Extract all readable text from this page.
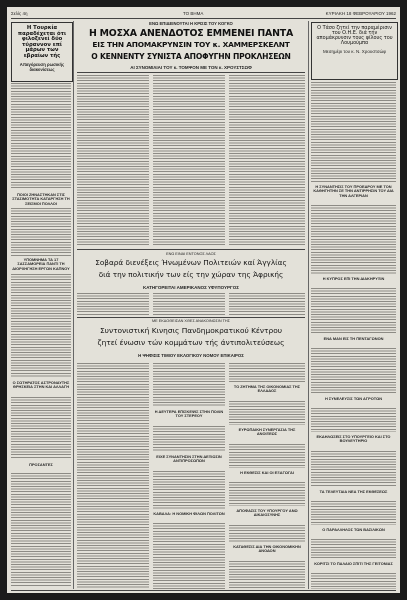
Σελίς 4η	ΤΟ ΒΗΜΑ	ΚΥΡΙΑΚΗ 18 ΦΕΒΡΟΥΑΡΙΟΥ 1962
Η Τουρκία παραδέχεται ότι φιλοξενεί δύο τύραννον επί μάρων των εβραίων τής
Απαγόρευση ρωσικής διακονίσεως
ΠΟΙΟΙ ΖΗΝΑΣΤΗΚΑΝ ΣΤΙΣ ΣΤΑΣΙΜΟΤΗΤΑ ΚΑΤΑΡΓΗΣΗ ΤΗ ΣΕΙΣΜΟΙ ΠΟΛΛΟΙ
ΥΠΟΜΝΗΜΑ ΤΑ 17 ΣΑΣΣΑΜΟΡΕΙΑ ΠΑΝΤΙ ΤΗ ΔΙΟΡΧΗΓΗΣΗ ΕΡΓΩΝ ΚΑΠΝΟΥ
Ο ΣΩΤΗΡΑΤΟΣ ΑΣΤΡΟΝΑΥΤΗΣ ΘΡΗΣΚΕΙΑ ΣΤΗΝ ΚΑΙ ΑΛΛΑΓΗ
ΠΡΟΣΑΝΤΕΣ
ΕΝΩ ΕΠΙΔΕΙΝΟΥΤΑΙ Η ΚΡΙΣΙΣ ΤΟΥ ΚΟΓΚΟ
Η ΜΟΣΧΑ ΑΝΕΝΔΟΤΟΣ ΕΜΜΕΝΕΙ ΠΑΝΤΑ
ΕΙΣ ΤΗΝ ΑΠΟΜΑΚΡΥΝΣΙΝ ΤΟΥ κ. ΧΑΜΜΕΡΣΚΕΛΝΤ
Ο ΚΕΝΝΕΝΤΥ ΣΥΝΙΣΤΑ ΑΠΟΦΥΓΗΝ ΠΡΟΚΛΗΣΕΩΝ
ΑΙ ΣΥΝΟΜΙΛΙΑΙ ΤΟΥ κ. ΤΟΜΨΟΝ ΜΕ ΤΟΝ κ. ΧΡΟΥΣΤΣΩΦ
ΕΝΩ ΕΙΝΑΙ ΕΝΤΟΝΟΣ ΛΑΟΣ
Σοβαρά διενέξεις Ήνωμένων Πολιτειών καί Άγγλίας
διά την πολιτικήν των είς την χώραν της Άφρικής
ΚΑΤΗΓΟΡΕΙΤΑΙ ΑΜΕΡΙΚΑΝΟΣ ΥΦΥΠΟΥΡΓΟΣ
ΜΕ ΕΚΔΟΘΕΙΣΑΝ ΧΘΕΣ ΑΝΑΚΟΙΝΩΣΙΝ ΤΗΣ
Συντονιστική Κινησις Πανδημοκρατικού Κέντρου
ζητεί ένωσιν τών κομμάτων τής άντιπολιτεύσεως
Η ΨΗΦΙΣΙΣ ΤΙΜΙΟΥ ΕΚΛΟΓΙΚΟΥ ΝΟΜΟΥ ΕΠΙΚΑΙΡΟΣ
Η ΔΕΥΤΕΡΑ ΕΠΙΣΚΕΨΙΣ ΣΤΗΝ ΠΟΛΙΝ ΤΟΥ ΣΤΕΡΕΟΥ
ΕΙΧΕ ΣΥΝΑΝΤΗΣΙΝ ΣΤΗΝ ΔΕΞΙΩΣΙΝ ΑΝΤΙΠΡΟΣΩΠΩΝ
ΚΑΒΑΛΑ: Η ΝΟΜΙΚΗ ΦΙΛΩΝ ΠΟΛΙΤΩΝ
ΤΟ ΖΗΤΗΜΑ ΤΗΣ ΟΙΚΟΝΟΜΙΑΣ ΤΗΣ ΕΛΛΑΔΟΣ
ΕΥΡΩΠΑΙΚΗ ΣΥΝΕΡΓΑΣΙΑ ΤΗΣ ΑΝΟΙΞΕΩΣ
Η ΕΚΘΕΣΙΣ ΚΑΙ ΟΙ ΕΞΑΓΩΓΑΙ
ΑΠΟΦΑΣΙΣ ΤΟΥ ΥΠΟΥΡΓΟΥ ΑΝΩ ΔΙΚΑΙΟΣΥΝΗΣ
ΚΑΤΑΘΕΣΙΣ ΔΙΑ ΤΗΝ ΟΙΚΟΝΟΜΙΚΗΝ ΑΝΟΔΟΝ
Ο Τάσο ζητεί την παραμέρισιν του Ο.Η.Ε. διά τήν απομάκρυνσιν τους φίλους του Λουμούμπα
Μεσημέρι του κ. Ν. Χρουστσώφ
Η ΣΥΝΑΝΤΗΣΙΣ ΤΟΥ ΠΡΟΕΔΡΟΥ ΜΕ ΤΟΝ ΚΑΘΗΓΗΤΗΝ ΣΕ ΤΗΝ ΑΝΤΙΡΡΗΣΙΝ ΤΟΥ ΔΙΑ ΤΗΝ ΑΛΓΕΡΙΑΝ
Η ΚΥΠΡΟΣ ΕΠΙ ΤΗΝ ΔΙΑΚΗΡΥΞΙΝ
ΕΝΑ ΜΑΝ ΕΙΣ ΤΗ ΠΕΝΤΑΓΩΝΟΝ
Η ΣΥΝΕΛΕΥΣΙΣ ΤΩΝ ΑΓΡΟΤΩΝ
ΕΚΔΗΛΩΣΕΙΣ ΣΤΟ ΥΠΟΥΡΓΕΙΟ ΚΑΙ ΣΤΟ ΒΟΥΛΕΥΤΗΡΙΟ
ΤΑ ΤΕΛΕΥΤΑΙΑ ΝΕΑ ΤΗΣ ΕΚΘΕΣΕΩΣ
Ο ΠΑΡΑΛΛΗΛΟΣ ΤΩΝ ΒΑΣΙΛΙΚΩΝ
ΚΟΡΙΤΣΙ ΤΟ ΠΑΛΑΙΟ ΣΠΙΤΙ ΤΗΣ ΓΕΙΤΟΝΙΑΣ
